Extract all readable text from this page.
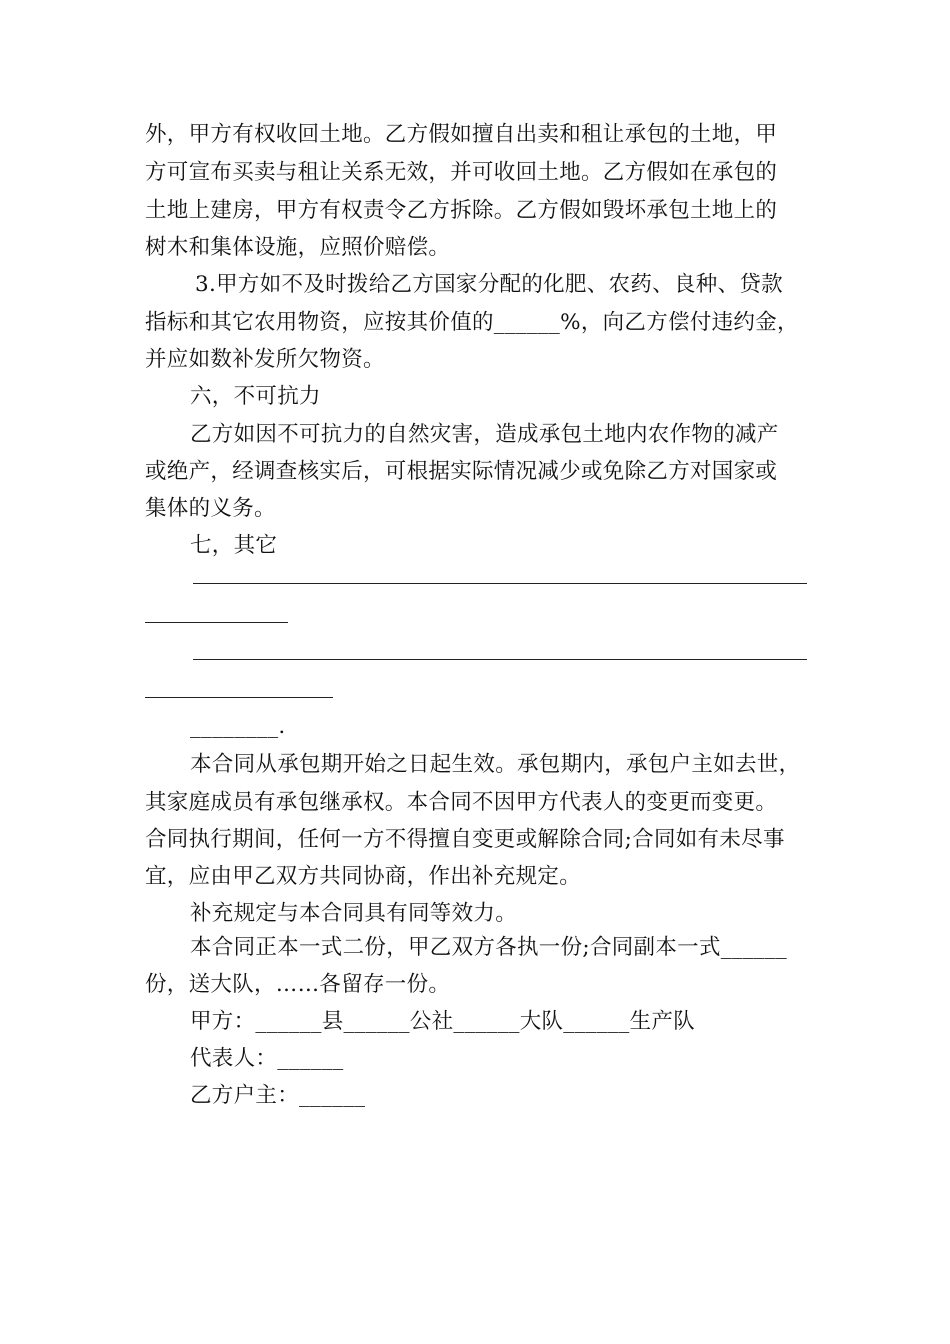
外，甲方有权收回土地。乙方假如擅自出卖和租让承包的土地，甲
方可宣布买卖与租让关系无效，并可收回土地。乙方假如在承包的
土地上建房，甲方有权责令乙方拆除。乙方假如毁坏承包土地上的
树木和集体设施，应照价赔偿。
3.甲方如不及时拨给乙方国家分配的化肥、农药、良种、贷款
指标和其它农用物资，应按其价值的______%，向乙方偿付违约金，
并应如数补发所欠物资。
六，不可抗力
乙方如因不可抗力的自然灾害，造成承包土地内农作物的减产
或绝产，经调查核实后，可根据实际情况减少或免除乙方对国家或
集体的义务。
七，其它
________.
本合同从承包期开始之日起生效。承包期内，承包户主如去世，
其家庭成员有承包继承权。本合同不因甲方代表人的变更而变更。
合同执行期间，任何一方不得擅自变更或解除合同;合同如有未尽事
宜，应由甲乙双方共同协商，作出补充规定。
补充规定与本合同具有同等效力。
本合同正本一式二份，甲乙双方各执一份;合同副本一式______
份，送大队，……各留存一份。
甲方：______县______公社______大队______生产队
代表人：______
乙方户主：______
